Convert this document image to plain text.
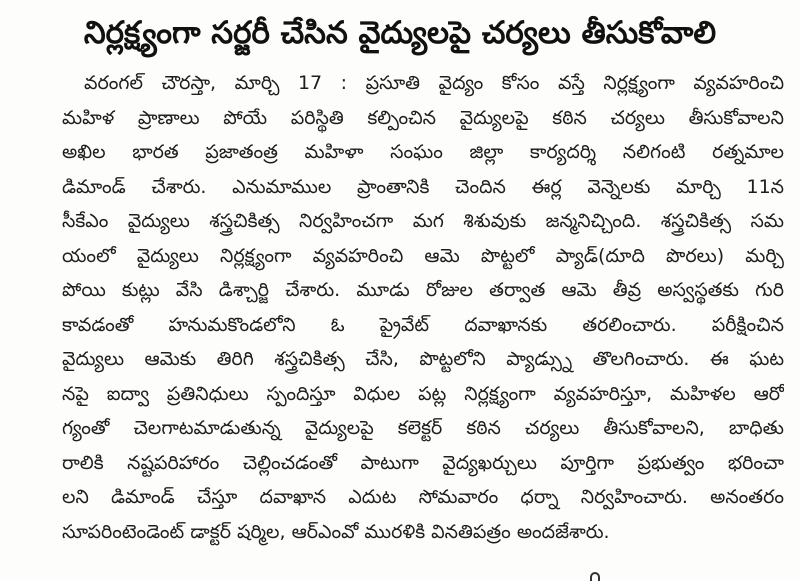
నిర్లక్ష్యంగా సర్జరీ చేసిన వైద్యులపై చర్యలు తీసుకోవాలి
వరంగల్ చౌరస్తా, మార్చి 17 : ప్రసూతి వైద్యం కోసం వస్తే నిర్లక్ష్యంగా వ్యవహరించి
మహిళ ప్రాణాలు పోయే పరిస్థితి కల్పించిన వైద్యులపై కఠిన చర్యలు తీసుకోవాలని
అఖిల భారత ప్రజాతంత్ర మహిళా సంఘం జిల్లా కార్యదర్శి నలిగంటి రత్నమాల
డిమాండ్ చేశారు. ఎనుమాముల ప్రాంతానికి చెందిన ఈర్ల వెన్నెలకు మార్చి 11న
సీకేఎం వైద్యులు శస్త్రచికిత్స నిర్వహించగా మగ శిశువుకు జన్మనిచ్చింది. శస్త్రచికిత్స సమ
యంలో వైద్యులు నిర్లక్ష్యంగా వ్యవహరించి ఆమె పొట్టలో ప్యాడ్(దూది పొరలు) మర్చి
పోయి కుట్లు వేసి డిశ్చార్జి చేశారు. మూడు రోజుల తర్వాత ఆమె తీవ్ర అస్వస్థతకు గురి
కావడంతో హనుమకొండలోని ఓ ప్రైవేట్ దవాఖానకు తరలించారు. పరీక్షించిన
వైద్యులు ఆమెకు తిరిగి శస్త్రచికిత్స చేసి, పొట్టలోని ప్యాడ్స్ను తొలగించారు. ఈ ఘట
నపై ఐద్వా ప్రతినిధులు స్పందిస్తూ విధుల పట్ల నిర్లక్ష్యంగా వ్యవహరిస్తూ, మహిళల ఆరో
గ్యంతో చెలగాటమాడుతున్న వైద్యులపై కలెక్టర్ కఠిన చర్యలు తీసుకోవాలని, బాధితు
రాలికి నష్టపరిహారం చెల్లించడంతో పాటుగా వైద్యఖర్చులు పూర్తిగా ప్రభుత్వం భరించా
లని డిమాండ్ చేస్తూ దవాఖాన ఎదుట సోమవారం ధర్నా నిర్వహించారు. అనంతరం
సూపరింటెండెంట్ డాక్టర్ షర్మిల, ఆర్ఎంవో మురళికి వినతిపత్రం అందజేశారు.
